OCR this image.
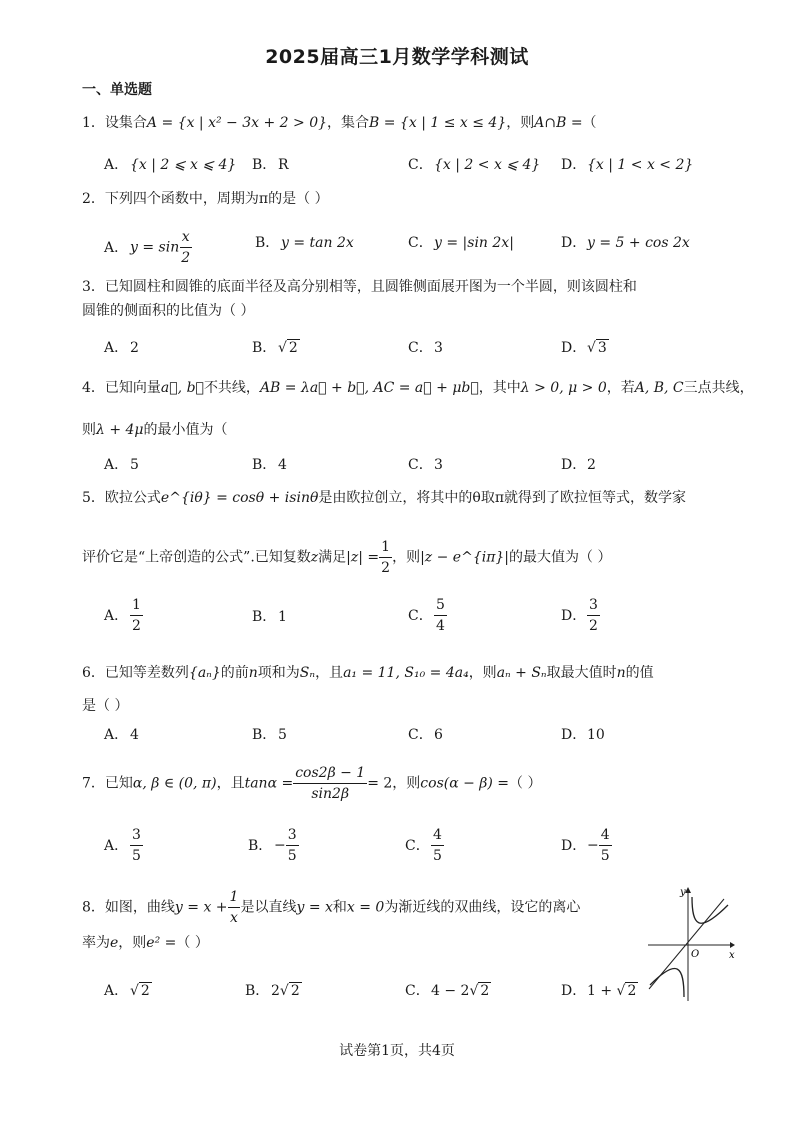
2025届高三1月数学学科测试
一、单选题
1．设集合A = {x | x² − 3x + 2 > 0}，集合B = {x | 1 ≤ x ≤ 4}，则A∩B =（
A． {x | 2 ⩽ x ⩽ 4} B． R	C．{x | 2 < x ⩽ 4} D．{x | 1 < x < 2}
2．下列四个函数中，周期为π的是（ ）
A． $y = \sin \frac{x}{2}$	B． y = tan 2x	C．y = |sin 2x|	D．y = 5 + cos 2x
3．已知圆柱和圆锥的底面半径及高分别相等，且圆锥侧面展开图为一个半圆，则该圆柱和
圆锥的侧面积的比值为（ ）
A． 2	B． √ 2	C．3	D．√ 3
4．已知向量a⃗, b⃗不共线，AB = λa⃗ + b⃗, AC = a⃗ + μb⃗，其中λ > 0, μ > 0，若A, B, C三点共线，
则λ + 4μ的最小值为（
A． 5	B． 4	C．3	D．2
5．欧拉公式e^{iθ} = cosθ + isinθ是由欧拉创立，将其中的θ取π就得到了欧拉恒等式，数学家
评价它是“上帝创造的公式”.已知复数z满足$|z| = \frac{1}{2}$ ，则|z − e^{iπ}|的最大值为（ ）
A． $\frac{1}{2}$	B． 1	C． $\frac{5}{4}$	D． $\frac{3}{2}$
6．已知等差数列{aₙ}的前n项和为Sₙ，且a₁ = 11, S₁₀ = 4a₄，则aₙ + Sₙ取最大值时n的值
是（ ）
A． 4	B． 5	C．6	D．10
7．已知α, β ∈ (0, π)，且$\tan\alpha = \frac{\cos 2\beta - 1}{\sin 2\beta} = 2$，则cos(α − β) =（ ）
A． $\frac{3}{5}$	B． − $\frac{3}{5}$	C． $\frac{4}{5}$	D．− $\frac{4}{5}$
8．如图，曲线$y = x + \frac{1}{x}$ 是以直线y = x和x = 0为渐近线的双曲线，设它的离心
率为e，则e² =（ ）
A． √ 2	B． 2√ 2	C．4 − 2√ 2	D．1 + √ 2
y
x
O
试卷第1页，共4页
